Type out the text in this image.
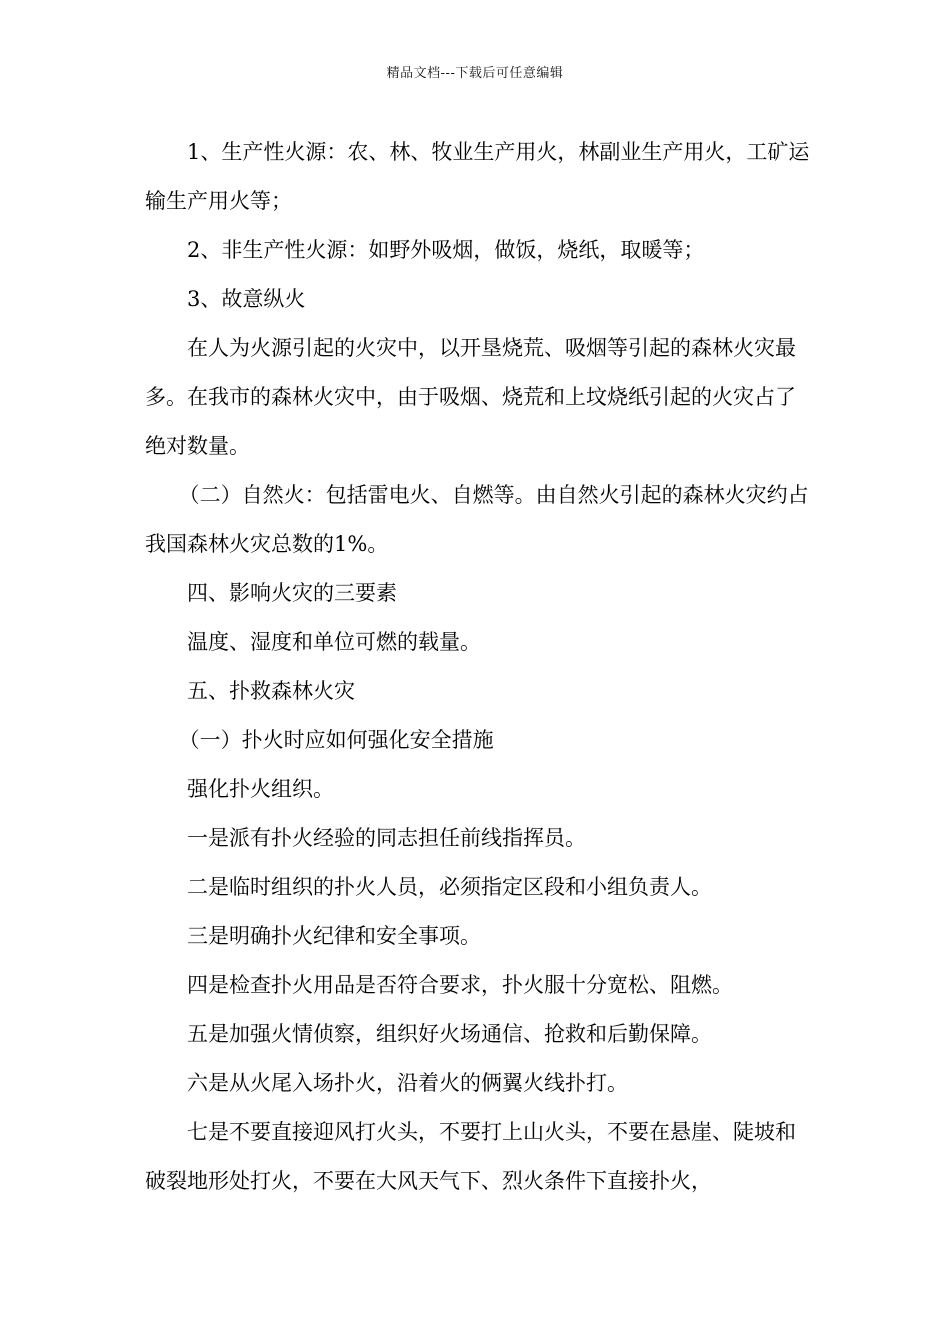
精品文档---下载后可任意编辑

1、生产性火源：农、林、牧业生产用火，林副业生产用火，工矿运输生产用火等；

2、非生产性火源：如野外吸烟，做饭，烧纸，取暖等；

3、故意纵火

在人为火源引起的火灾中，以开垦烧荒、吸烟等引起的森林火灾最多。在我市的森林火灾中，由于吸烟、烧荒和上坟烧纸引起的火灾占了绝对数量。

（二）自然火：包括雷电火、自燃等。由自然火引起的森林火灾约占我国森林火灾总数的1%。

四、影响火灾的三要素

温度、湿度和单位可燃的载量。

五、扑救森林火灾

（一）扑火时应如何强化安全措施

强化扑火组织。

一是派有扑火经验的同志担任前线指挥员。

二是临时组织的扑火人员，必须指定区段和小组负责人。

三是明确扑火纪律和安全事项。

四是检查扑火用品是否符合要求，扑火服十分宽松、阻燃。

五是加强火情侦察，组织好火场通信、抢救和后勤保障。

六是从火尾入场扑火，沿着火的俩翼火线扑打。

七是不要直接迎风打火头，不要打上山火头，不要在悬崖、陡坡和破裂地形处打火，不要在大风天气下、烈火条件下直接扑火，
